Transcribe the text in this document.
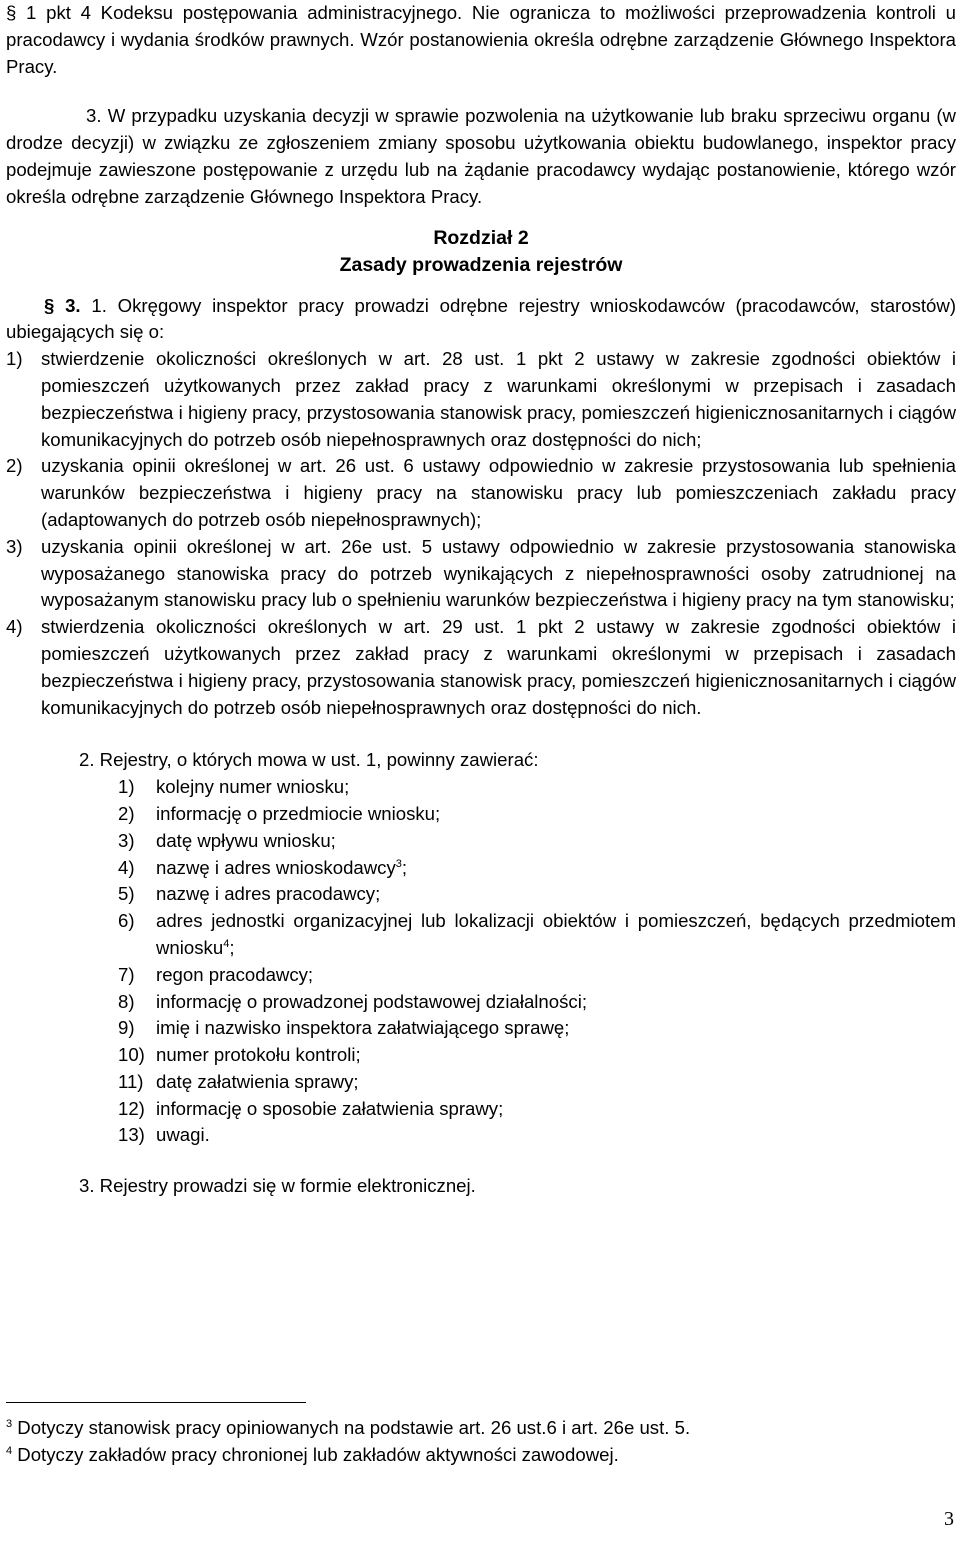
§ 1 pkt 4 Kodeksu postępowania administracyjnego. Nie ogranicza to możliwości przeprowadzenia kontroli u pracodawcy i wydania środków prawnych. Wzór postanowienia określa odrębne zarządzenie Głównego Inspektora Pracy.

3. W przypadku uzyskania decyzji w sprawie pozwolenia na użytkowanie lub braku sprzeciwu organu (w drodze decyzji) w związku ze zgłoszeniem zmiany sposobu użytkowania obiektu budowlanego, inspektor pracy podejmuje zawieszone postępowanie z urzędu lub na żądanie pracodawcy wydając postanowienie, którego wzór określa odrębne zarządzenie Głównego Inspektora Pracy.

Rozdział 2
Zasady prowadzenia rejestrów

§ 3. 1. Okręgowy inspektor pracy prowadzi odrębne rejestry wnioskodawców (pracodawców, starostów) ubiegających się o:

1) stwierdzenie okoliczności określonych w art. 28 ust. 1 pkt 2 ustawy w zakresie zgodności obiektów i pomieszczeń użytkowanych przez zakład pracy z warunkami określonymi w przepisach i zasadach bezpieczeństwa i higieny pracy, przystosowania stanowisk pracy, pomieszczeń higienicznosanitarnych i ciągów komunikacyjnych do potrzeb osób niepełnosprawnych oraz dostępności do nich;
2) uzyskania opinii określonej w art. 26 ust. 6 ustawy odpowiednio w zakresie przystosowania lub spełnienia warunków bezpieczeństwa i higieny pracy na stanowisku pracy lub pomieszczeniach zakładu pracy (adaptowanych do potrzeb osób niepełnosprawnych);
3) uzyskania opinii określonej w art. 26e ust. 5 ustawy odpowiednio w zakresie przystosowania stanowiska wyposażanego stanowiska pracy do potrzeb wynikających z niepełnosprawności osoby zatrudnionej na wyposażanym stanowisku pracy lub o spełnieniu warunków bezpieczeństwa i higieny pracy na tym stanowisku;
4) stwierdzenia okoliczności określonych w art. 29 ust. 1 pkt 2 ustawy w zakresie zgodności obiektów i pomieszczeń użytkowanych przez zakład pracy z warunkami określonymi w przepisach i zasadach bezpieczeństwa i higieny pracy, przystosowania stanowisk pracy, pomieszczeń higienicznosanitarnych i ciągów komunikacyjnych do potrzeb osób niepełnosprawnych oraz dostępności do nich.

2. Rejestry, o których mowa w ust. 1, powinny zawierać:

1)	kolejny numer wniosku;
2)	informację o przedmiocie wniosku;
3)	datę wpływu wniosku;
4)	nazwę i adres wnioskodawcy$^3$;
5)	nazwę i adres pracodawcy;
6)	adres jednostki organizacyjnej lub lokalizacji obiektów i pomieszczeń, będących przedmiotem wniosku$^4$;
7)	regon pracodawcy;
8)	informację o prowadzonej podstawowej działalności;
9)	imię i nazwisko inspektora załatwiającego sprawę;
10) numer protokołu kontroli;
11) datę załatwienia sprawy;
12) informację o sposobie załatwienia sprawy;
13) uwagi.

3. Rejestry prowadzi się w formie elektronicznej.

$^3$ Dotyczy stanowisk pracy opiniowanych na podstawie art. 26 ust.6 i art. 26e ust. 5.
$^4$ Dotyczy zakładów pracy chronionej lub zakładów aktywności zawodowej.
3
